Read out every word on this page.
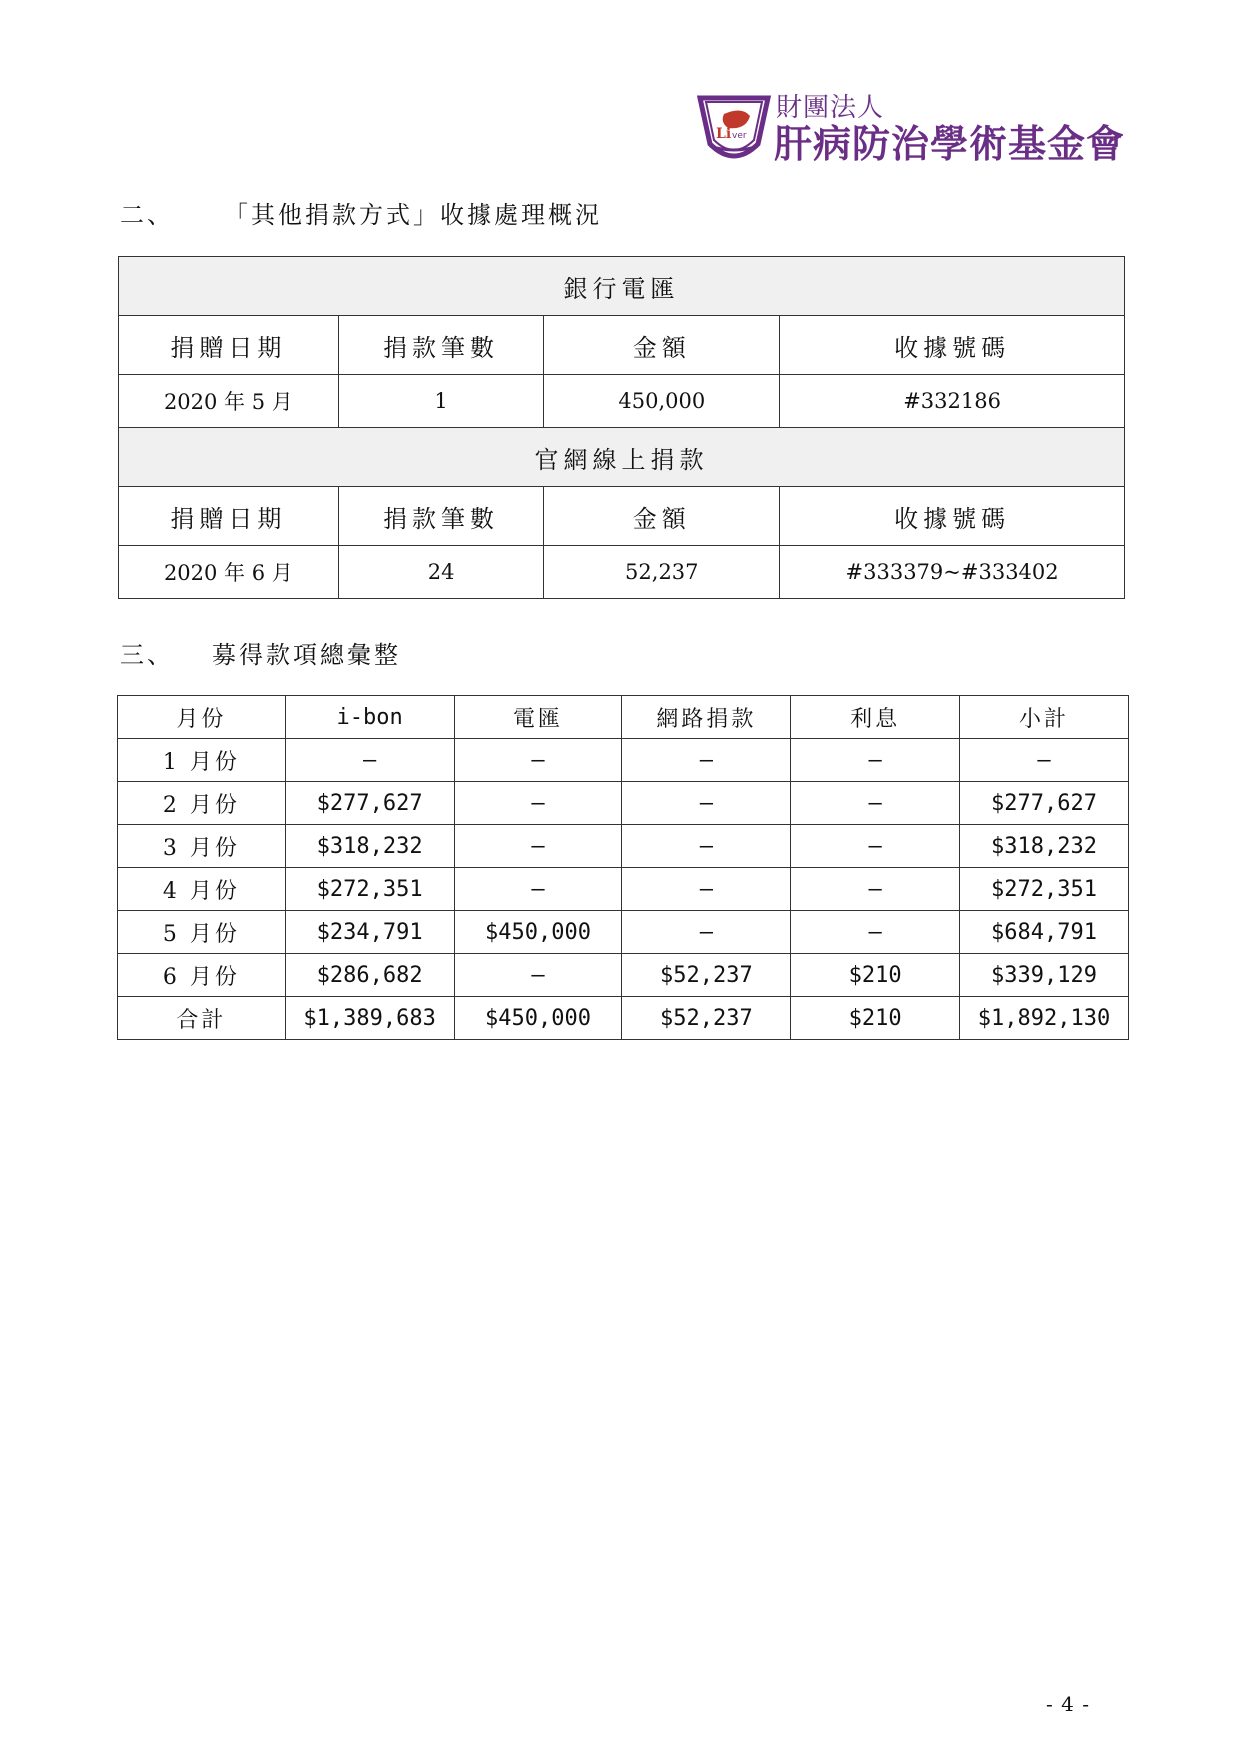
Li ver
財團法人
肝病防治學術基金會
二、 「其他捐款方式」收據處理概況
銀行電匯			
捐贈日期	捐款筆數	金額	收據號碼
2020 年 5 月	1	450,000	#332186
官網線上捐款			
捐贈日期	捐款筆數	金額	收據號碼
2020 年 6 月	24	52,237	#333379~#333402
三、 募得款項總彙整
月份	i-bon	電匯	網路捐款	利息	小計
1 月份	—	—	—	—	—
2 月份	$277,627	—	—	—	$277,627
3 月份	$318,232	—	—	—	$318,232
4 月份	$272,351	—	—	—	$272,351
5 月份	$234,791	$450,000	—	—	$684,791
6 月份	$286,682	—	$52,237	$210	$339,129
合計	$1,389,683	$450,000	$52,237	$210	$1,892,130
- 4 -
